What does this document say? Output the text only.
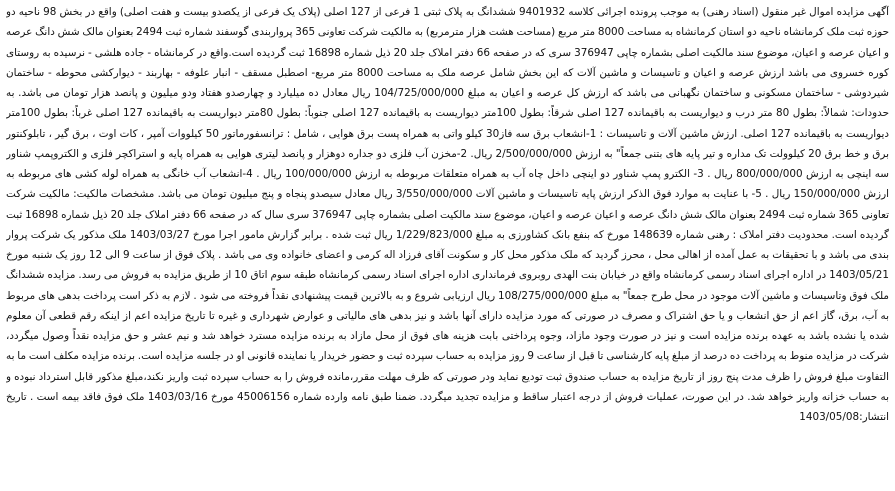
آگهی مزایده اموال غیر منقول (اسناد رهنی) به موجب پرونده اجرائی کلاسه 9401932 ششدانگ به پلاک ثبتی 1 فرعی از 127 اصلی (پلاک یک فرعی از یکصدو بیست و هفت اصلی) واقع در بخش 98 ناحیه دو حوزه ثبت ملک کرمانشاه ناحیه دو استان کرمانشاه به مساحت 8000 متر مربع (مساحت هشت هزار مترمربع) به مالکیت شرکت تعاونی 365 پرواربندی گوسفند شماره ثبت 2494 بعنوان مالک شش دانگ عرصه و اعیان عرصه و اعیان، موضوع سند مالکیت اصلی بشماره چاپی 376947 سری که در صفحه 66 دفتر املاک جلد 20 ذیل شماره 16898 ثبت گردیده است.واقع در کرمانشاه - جاده هلشی - نرسیده به روستای کوره خسروی می باشد ارزش عرصه و اعیان و تاسیسات و ماشین آلات که این بخش شامل عرصه ملک به مساحت 8000 متر مربع- اصطبل مسقف - انبار علوفه - بهاربند - دیوارکشی محوطه - ساختمان شیردوشی - ساختمان مسکونی و ساختمان نگهبانی می باشد که ارزش کل عرصه و اعیان به مبلغ 104/725/000/000 ریال معادل ده میلیارد و چهارصدو هفتاد ودو میلیون و پانصد هزار تومان می باشد. به حدودات: شمالاً: بطول 80 متر درب و دیواریست به باقیمانده 127 اصلی شرقاً: بطول 100متر دیواریست به باقیمانده 127 اصلی جنوباً: بطول 80متر دیواریست به باقیمانده 127 اصلی غرباً: بطول 100متر دیواریست به باقیمانده 127 اصلی. ارزش ماشین آلات و تاسیسات : 1-انشعاب برق سه فاز30 کیلو واتی به همراه پست برق هوایی ، شامل : ترانسفورماتور 50 کیلووات آمپر ، کات اوت ، برق گیر ، تابلوکنتور برق و خط برق 20 کیلوولت تک مداره و تیر پایه های بتنی جمعاً" به ارزش 2/500/000/000 ریال. 2-مخزن آب فلزی دو جداره دوهزار و پانصد لیتری هوایی به همراه پایه و استراکچر فلزی و الکتروپمپ شناور سه اینچی به ارزش 800/000/000 ریال . 3- الکترو پمپ شناور دو اینچی داخل چاه آب به همراه متعلقات مربوطه به ارزش 100/000/000 ریال . 4-انشعاب آب خانگی به همراه لوله کشی های مربوطه به ارزش 150/000/000 ریال . 5- با عنایت به موارد فوق الذکر ارزش پایه تاسیسات و ماشین آلات 3/550/000/000 ریال معادل سیصدو پنجاه و پنج میلیون تومان می باشد. مشخصات مالکیت: مالکیت شرکت تعاونی 365 شماره ثبت 2494 بعنوان مالک شش دانگ عرصه و اعیان عرصه و اعیان، موضوع سند مالکیت اصلی بشماره چاپی 376947 سری سال که در صفحه 66 دفتر املاک جلد 20 ذیل شماره 16898 ثبت گردیده است. محدودیت دفتر املاک : رهنی شماره 148639 مورخ که بنفع بانک کشاورزی به مبلغ 1/229/823/000 ریال ثبت شده . برابر گزارش مامور اجرا مورخ 1403/03/27 ملک مذکور یک شرکت پروار بندی می باشد و با تحقیقات به عمل آمده از اهالی محل ، محرز گردید که ملک مذکور محل کار و سکونت آقای فرزاد اله کرمی و اعضای خانواده وی می باشد . پلاک فوق از ساعت 9 الی 12 روز یک شنبه مورخ 1403/05/21 در اداره اجرای اسناد رسمی کرمانشاه واقع در خیابان بنت الهدی روبروی فرمانداری اداره اجرای اسناد رسمی کرمانشاه طبقه سوم اتاق 10 از طریق مزایده به فروش می رسد. مزایده ششدانگ ملک فوق وتاسیسات و ماشین آلات موجود در محل طرح جمعاً" به مبلغ 108/275/000/000 ریال ارزیابی شروع و به بالاترین قیمت پیشنهادی نقداً فروخته می شود . لازم به ذکر است پرداخت بدهی های مربوط به آب، برق، گاز اعم از حق انشعاب و یا حق اشتراک و مصرف در صورتی که مورد مزایده دارای آنها باشد و نیز بدهی های مالیاتی و عوارض شهرداری و غیره تا تاریخ مزایده اعم از اینکه رقم قطعی آن معلوم شده یا نشده باشد به عهده برنده مزایده است و نیز در صورت وجود مازاد، وجوه پرداختی بابت هزینه های فوق از محل مازاد به برنده مزایده مسترد خواهد شد و نیم عشر و حق مزایده نقداً وصول میگردد، شرکت در مزایده منوط به پرداخت ده درصد از مبلغ پایه کارشناسی تا قبل از ساعت 9 روز مزایده به حساب سپرده ثبت و حضور خریدار یا نماینده قانونی او در جلسه مزایده است. برنده مزایده مکلف است ما به التفاوت مبلغ فروش را ظرف مدت پنج روز از تاریخ مزایده به حساب صندوق ثبت تودیع نماید ودر صورتی که ظرف مهلت مقرر،مانده فروش را به حساب سپرده ثبت واریز نکند،مبلغ مذکور قابل استرداد نبوده و به حساب خزانه واریز خواهد شد. در این صورت، عملیات فروش از درجه اعتبار ساقط و مزایده تجدید میگردد. ضمنا طبق نامه وارده شماره 45006156 مورخ 1403/03/16 ملک فوق فاقد بیمه است . تاریخ انتشار:1403/05/08
